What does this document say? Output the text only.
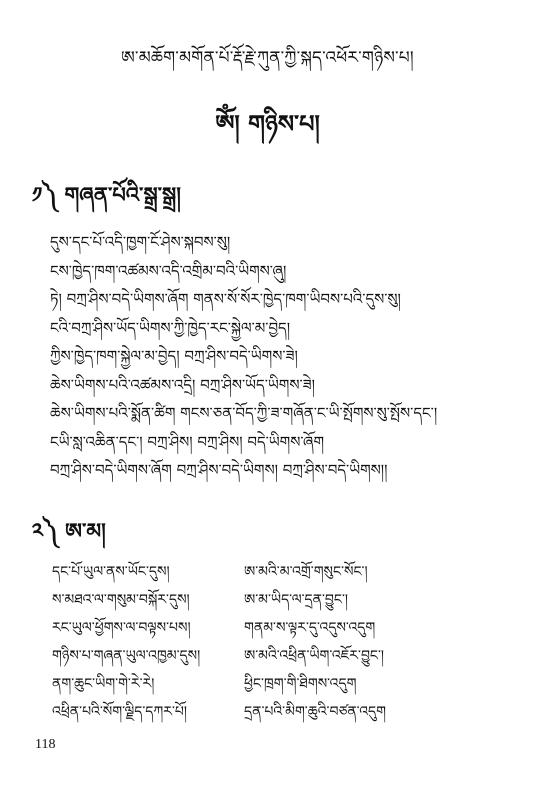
ཨ་མཆོག་མགོན་པོ་རྡོ་རྗེ་ཀུན་ཀྱི་སྐད་འཕོར་གཉིས་པ།
ཨོཾ། གཉིས་པ།
༡༽ གཞན་པོའི་སྒྲ་སྒྲ།
དུས་དང་པོ་འདི་ཁྱག་ངོ་ཤེས་སྐབས་སུ།
ངས་ཁྱེད་ཁག་འཚམས་འདི་འགྲིམ་བའི་ཡིགས་ཞུ།
ཏེ། བཀྲ་ཤིས་བདེ་ཡིགས་ཞོག གནས་སོ་སོར་ཁྱེད་ཁག་ཡིབས་པའི་དུས་སུ།
ངའི་བཀྲ་ཤིས་ཡོད་ཡིགས་ཀྱི་ཁྱེད་རང་སྐྱེལ་མ་བྱེད།
ཀྱིས་ཁྱེད་ཁག་སྐྱེལ་མ་བྱེད། བཀྲ་ཤིས་བདེ་ཡིགས་ཟེ།
ཆེས་ཡིགས་པའི་འཚམས་འདྲི། བཀྲ་ཤིས་ཡོད་ཡིགས་ཟེ།
ཆེས་ཡིགས་པའི་སྨོན་ཚིག གངས་ཅན་བོད་ཀྱི་ཟ་གཞོན་ང་ཡི་སྤོགས་སུ་སྤོས་དང་།
ངཡི་སླ་འཆིན་དང་། བཀྲ་ཤིས། བཀྲ་ཤིས། བདེ་ཡིགས་ཞོག
བཀྲ་ཤིས་བདེ་ཡིགས་ཞོག བཀྲ་ཤིས་བདེ་ཡིགས། བཀྲ་ཤིས་བདེ་ཡིགས།།
༢༽ ཨ་མ།
དང་པོ་ཡུལ་ནས་ཡོང་དུས།	ཨ་མའི་མ་འགྲོ་གསུང་སོང་།
ས་མཐའ་ལ་གསུམ་བསྐོར་དུས།	ཨ་མ་ཡིད་ལ་དྲན་བྱུང་།
རང་ཡུལ་ཕྱོགས་ལ་བལྟས་པས།	གནམ་ས་ལྟར་དུ་འདུས་འདུག
གཉིས་པ་གཞན་ཡུལ་འཁྱམ་དུས།	ཨ་མའི་འཕྲིན་ཡིག་འཇོར་བྱུང་།
ནག་ཆུང་ཡིག་གེ་རེ་རེ།	ཕྱིང་ཁྲག་གི་ཐིགས་འདུག
འཕྲིན་པའི་སོག་ལྗིད་དཀར་པོ།	དྲན་པའི་མིག་ཆུའི་བཙན་འདུག
118
